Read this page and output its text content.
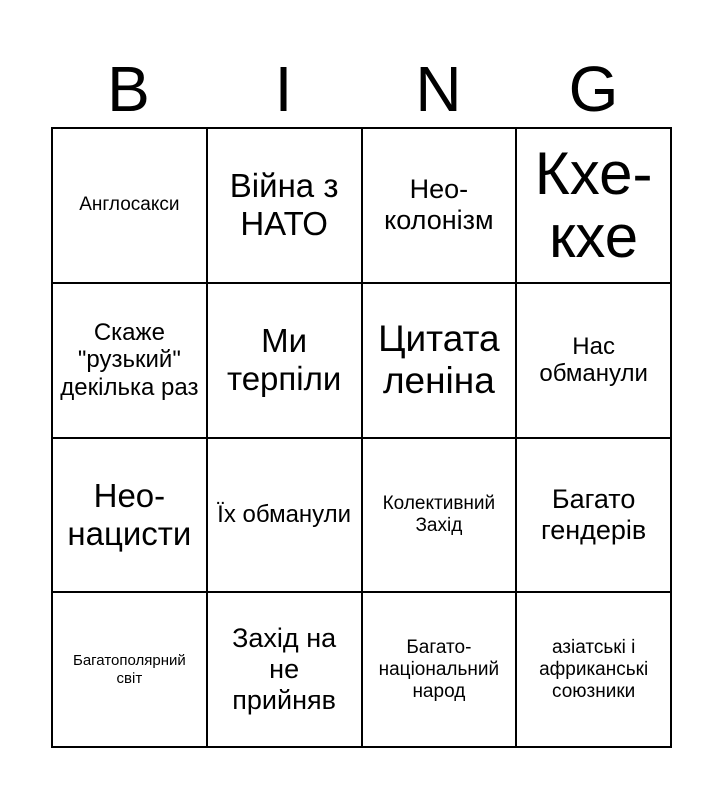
B	I	N	G
Англосакси
Війна з НАТО
Нео-колонізм
Кхе-кхе
Скаже "рузький" декілька раз
Ми терпіли
Цитата леніна
Нас обманули
Нео-нацисти
Їх обманули	Колективний Захід
Багато гендерів
Багатополярний світ
Захід на не прийняв
Багато-національний народ
азіатські і африканські союзники
